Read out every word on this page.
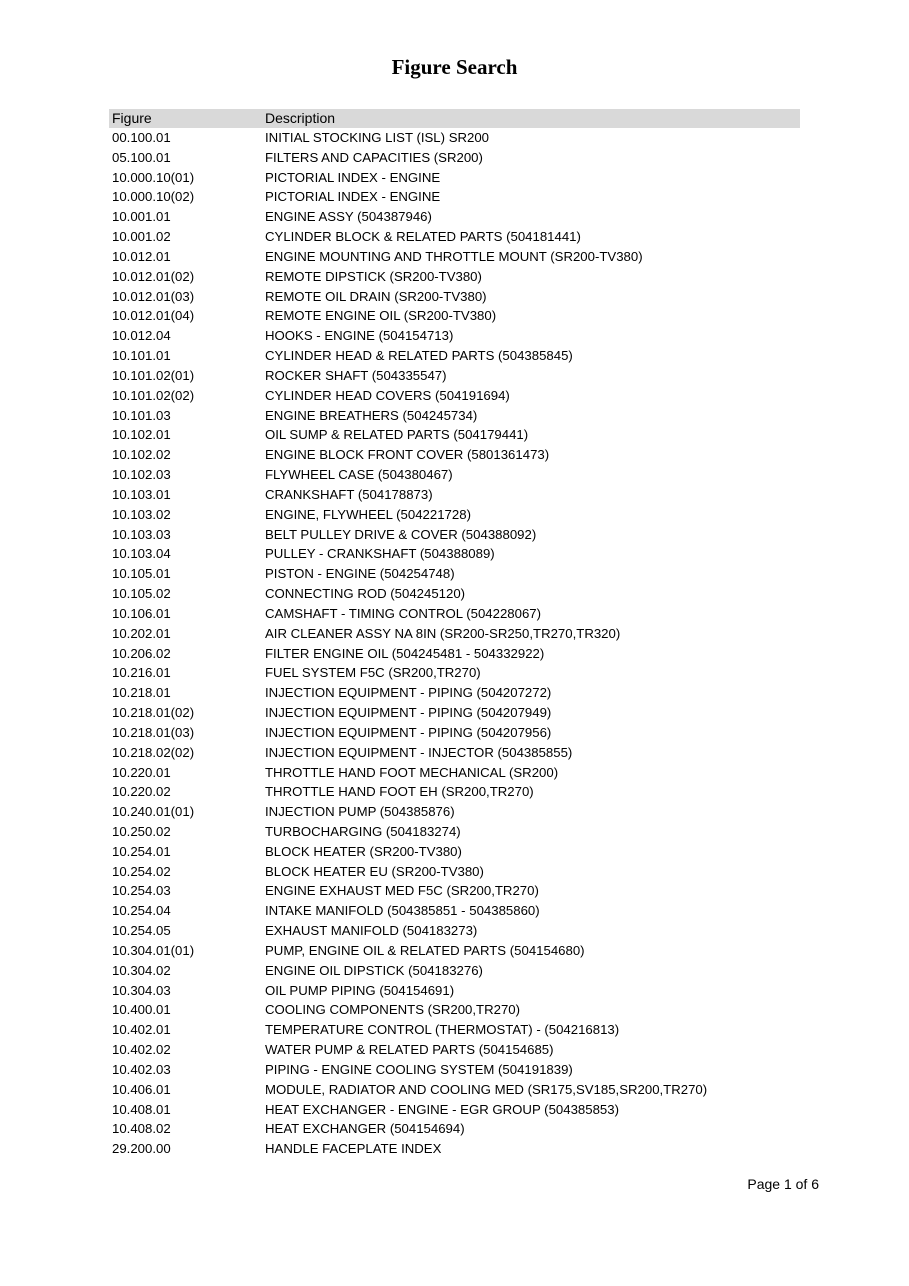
Figure Search
Figure	Description
00.100.01	INITIAL STOCKING LIST (ISL) SR200
05.100.01	FILTERS AND CAPACITIES (SR200)
10.000.10(01)	PICTORIAL INDEX - ENGINE
10.000.10(02)	PICTORIAL INDEX - ENGINE
10.001.01	ENGINE ASSY (504387946)
10.001.02	CYLINDER BLOCK & RELATED PARTS (504181441)
10.012.01	ENGINE MOUNTING AND THROTTLE MOUNT (SR200-TV380)
10.012.01(02)	REMOTE DIPSTICK (SR200-TV380)
10.012.01(03)	REMOTE OIL DRAIN (SR200-TV380)
10.012.01(04)	REMOTE ENGINE OIL (SR200-TV380)
10.012.04	HOOKS - ENGINE (504154713)
10.101.01	CYLINDER HEAD & RELATED PARTS (504385845)
10.101.02(01)	ROCKER SHAFT (504335547)
10.101.02(02)	CYLINDER HEAD COVERS (504191694)
10.101.03	ENGINE BREATHERS (504245734)
10.102.01	OIL SUMP & RELATED PARTS (504179441)
10.102.02	ENGINE BLOCK FRONT COVER (5801361473)
10.102.03	FLYWHEEL CASE (504380467)
10.103.01	CRANKSHAFT (504178873)
10.103.02	ENGINE, FLYWHEEL (504221728)
10.103.03	BELT PULLEY DRIVE & COVER (504388092)
10.103.04	PULLEY - CRANKSHAFT (504388089)
10.105.01	PISTON - ENGINE (504254748)
10.105.02	CONNECTING ROD (504245120)
10.106.01	CAMSHAFT - TIMING CONTROL (504228067)
10.202.01	AIR CLEANER ASSY NA 8IN (SR200-SR250,TR270,TR320)
10.206.02	FILTER ENGINE OIL (504245481 - 504332922)
10.216.01	FUEL SYSTEM F5C (SR200,TR270)
10.218.01	INJECTION EQUIPMENT - PIPING (504207272)
10.218.01(02)	INJECTION EQUIPMENT - PIPING (504207949)
10.218.01(03)	INJECTION EQUIPMENT - PIPING (504207956)
10.218.02(02)	INJECTION EQUIPMENT - INJECTOR (504385855)
10.220.01	THROTTLE HAND FOOT MECHANICAL (SR200)
10.220.02	THROTTLE HAND FOOT EH (SR200,TR270)
10.240.01(01)	INJECTION PUMP (504385876)
10.250.02	TURBOCHARGING (504183274)
10.254.01	BLOCK HEATER (SR200-TV380)
10.254.02	BLOCK HEATER EU (SR200-TV380)
10.254.03	ENGINE EXHAUST MED F5C (SR200,TR270)
10.254.04	INTAKE MANIFOLD (504385851 - 504385860)
10.254.05	EXHAUST MANIFOLD (504183273)
10.304.01(01)	PUMP, ENGINE OIL & RELATED PARTS (504154680)
10.304.02	ENGINE OIL DIPSTICK (504183276)
10.304.03	OIL PUMP PIPING (504154691)
10.400.01	COOLING COMPONENTS (SR200,TR270)
10.402.01	TEMPERATURE CONTROL (THERMOSTAT) - (504216813)
10.402.02	WATER PUMP & RELATED PARTS (504154685)
10.402.03	PIPING - ENGINE COOLING SYSTEM (504191839)
10.406.01	MODULE, RADIATOR AND COOLING MED (SR175,SV185,SR200,TR270)
10.408.01	HEAT EXCHANGER - ENGINE - EGR GROUP (504385853)
10.408.02	HEAT EXCHANGER (504154694)
29.200.00	HANDLE FACEPLATE INDEX
Page 1 of 6
